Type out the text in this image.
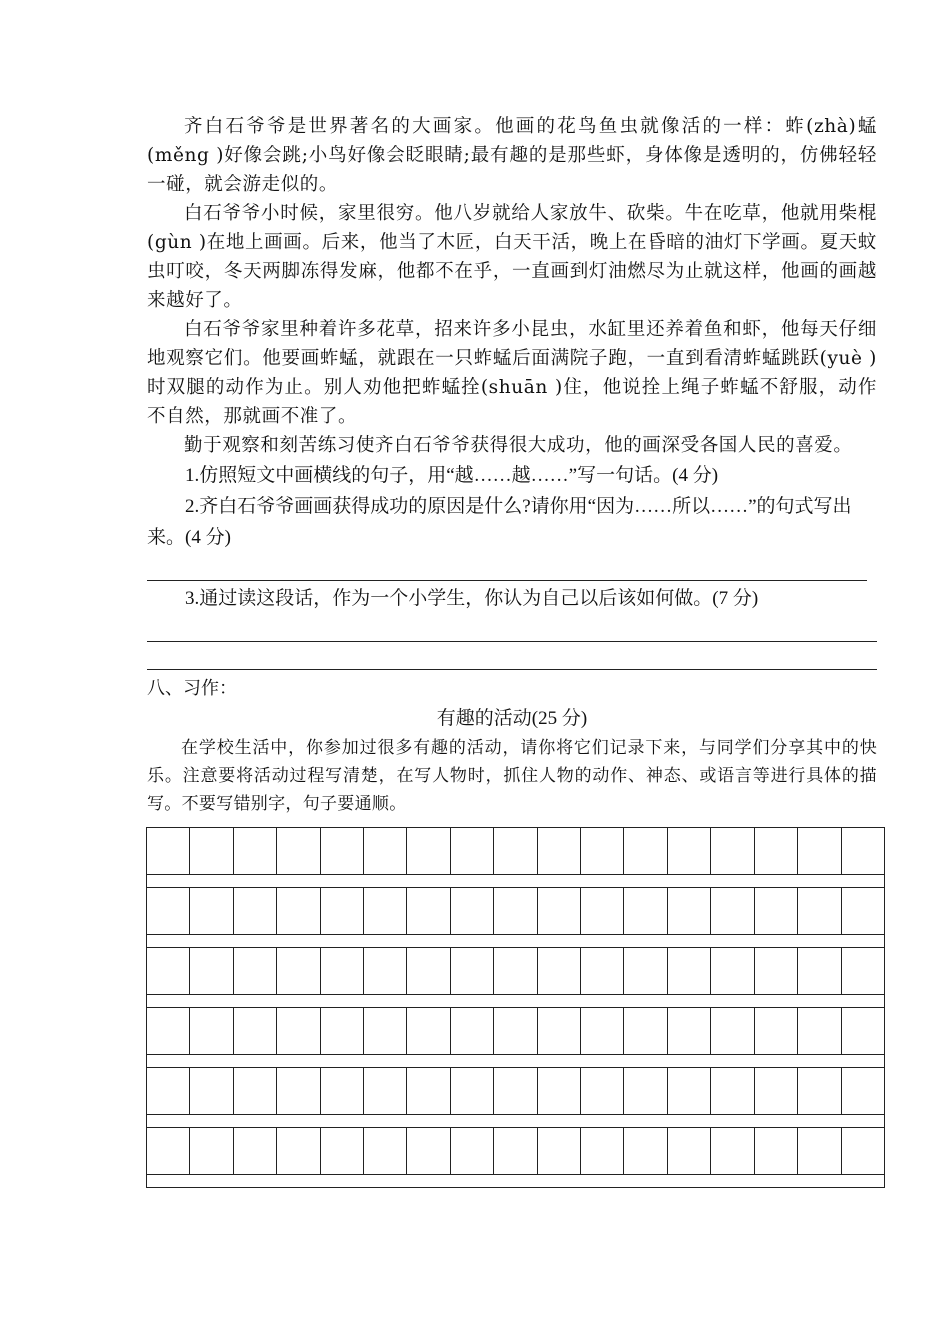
齐白石爷爷是世界著名的大画家。他画的花鸟鱼虫就像活的一样：蚱(zhà)蜢(měng )好像会跳;小鸟好像会眨眼睛;最有趣的是那些虾，身体像是透明的，仿佛轻轻一碰，就会游走似的。

白石爷爷小时候，家里很穷。他八岁就给人家放牛、砍柴。牛在吃草，他就用柴棍(gùn )在地上画画。后来，他当了木匠，白天干活，晚上在昏暗的油灯下学画。夏天蚊虫叮咬，冬天两脚冻得发麻，他都不在乎，一直画到灯油燃尽为止就这样，他画的画越来越好了。

白石爷爷家里种着许多花草，招来许多小昆虫，水缸里还养着鱼和虾，他每天仔细地观察它们。他要画蚱蜢，就跟在一只蚱蜢后面满院子跑，一直到看清蚱蜢跳跃(yuè )时双腿的动作为止。别人劝他把蚱蜢拴(shuān )住，他说拴上绳子蚱蜢不舒服，动作不自然，那就画不准了。

勤于观察和刻苦练习使齐白石爷爷获得很大成功，他的画深受各国人民的喜爱。

1.仿照短文中画横线的句子，用“越……越……”写一句话。(4 分)

2.齐白石爷爷画画获得成功的原因是什么?请你用“因为……所以……”的句式写出来。(4 分)

3.通过读这段话，作为一个小学生，你认为自己以后该如何做。(7 分)

八、习作：
有趣的活动(25 分)

在学校生活中，你参加过很多有趣的活动，请你将它们记录下来，与同学们分享其中的快乐。注意要将活动过程写清楚，在写人物时，抓住人物的动作、神态、或语言等进行具体的描写。不要写错别字，句子要通顺。
